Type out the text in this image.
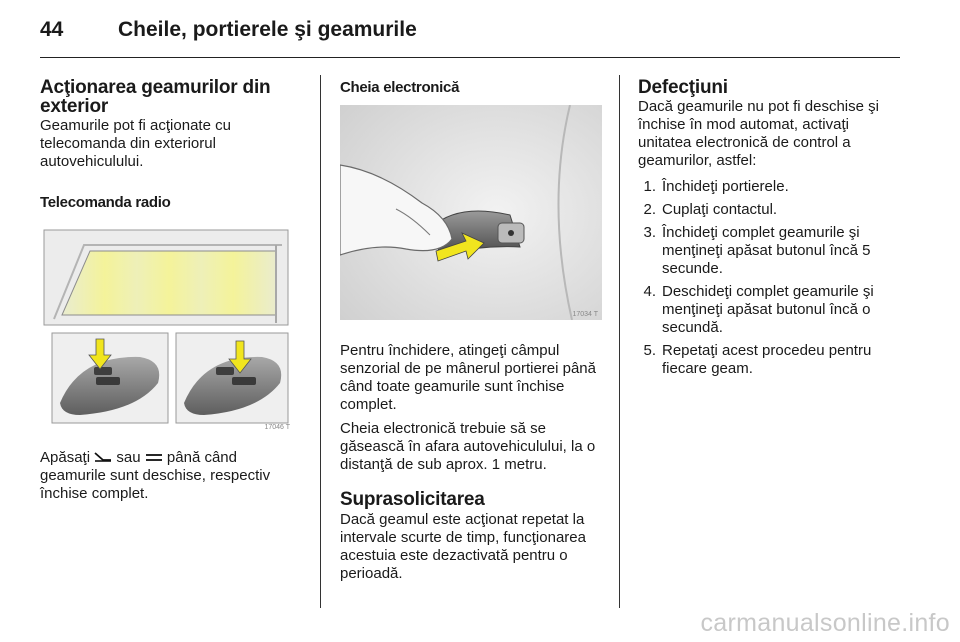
44	Cheile, portierele şi geamurile
Acţionarea geamurilor din exterior

Geamurile pot fi acţionate cu telecomanda din exteriorul autovehiculului.

Telecomanda radio
17046 T

Apăsaţi sau până când geamurile sunt deschise, respectiv închise complet.

Cheia electronică
17034 T

Pentru închidere, atingeţi câmpul senzorial de pe mânerul portierei până când toate geamurile sunt închise complet.

Cheia electronică trebuie să se găsească în afara autovehiculului, la o distanţă de sub aprox. 1 metru.

Suprasolicitarea

Dacă geamul este acţionat repetat la intervale scurte de timp, funcţionarea acestuia este dezactivată pentru o perioadă.

Defecţiuni

Dacă geamurile nu pot fi deschise şi închise în mod automat, activaţi unitatea electronică de control a geamurilor, astfel:

1. Închideţi portierele.
2. Cuplaţi contactul.
3. Închideţi complet geamurile şi menţineţi apăsat butonul încă 5 secunde.
4. Deschideţi complet geamurile şi menţineţi apăsat butonul încă o secundă.
5. Repetaţi acest procedeu pentru fiecare geam.
carmanualsonline.info
